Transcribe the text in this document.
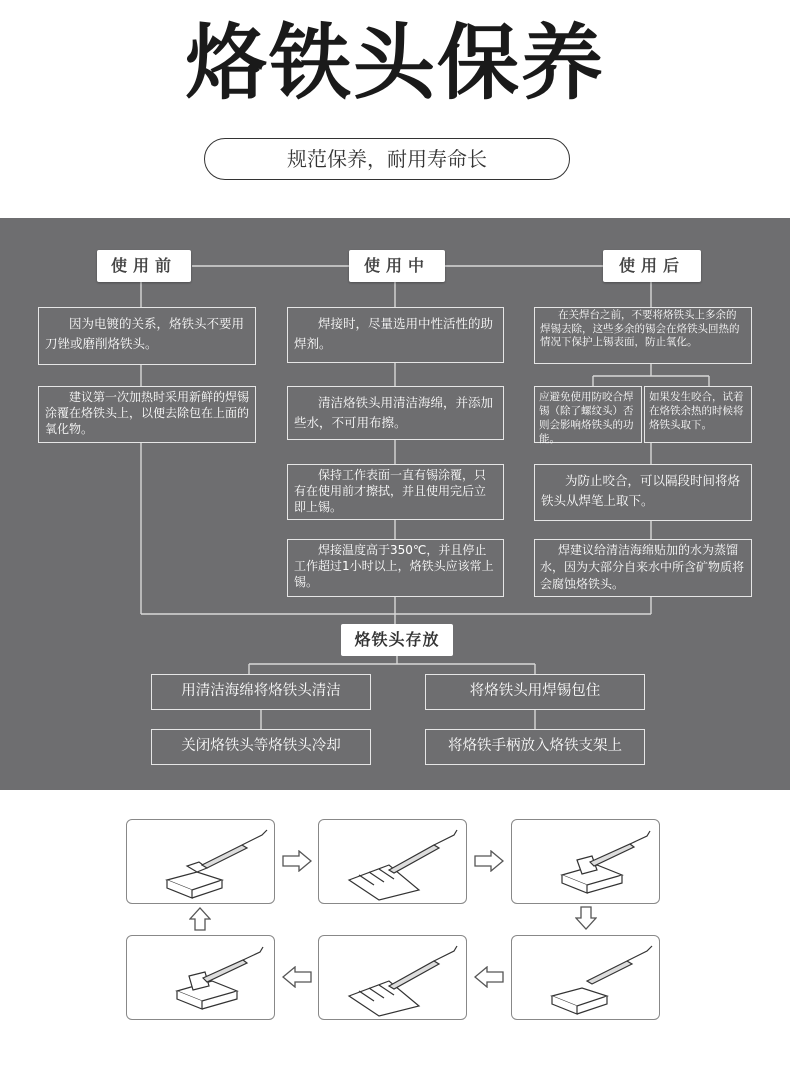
烙铁头保养
规范保养，耐用寿命长
使用前	使用中	使用后
因为电镀的关系，烙铁头不要用刀锉或磨削烙铁头。
建议第一次加热时采用新鲜的焊锡涂覆在烙铁头上，以便去除包在上面的氧化物。
焊接时，尽量选用中性活性的助焊剂。
清洁烙铁头用清洁海绵，并添加些水，不可用布擦。
保持工作表面一直有锡涂覆，只有在使用前才擦拭，并且使用完后立即上锡。
焊接温度高于350℃，并且停止工作超过1小时以上，烙铁头应该常上锡。
在关焊台之前，不要将烙铁头上多余的焊锡去除，这些多余的锡会在烙铁头回热的 情况下保护上锡表面，防止氧化。
应避免使用防咬合焊锡（除了螺纹头）否则会影响烙铁头的功能。
如果发生咬合，试着在烙铁余热的时候将烙铁头取下。
为防止咬合，可以隔段时间将烙铁头从焊笔上取下。
焊建议给清洁海绵贴加的水为蒸馏水，因为大部分自来水中所含矿物质将会腐蚀烙铁头。
烙铁头存放
用清洁海绵将烙铁头清洁	将烙铁头用焊锡包住
关闭烙铁头等烙铁头冷却	将烙铁手柄放入烙铁支架上
